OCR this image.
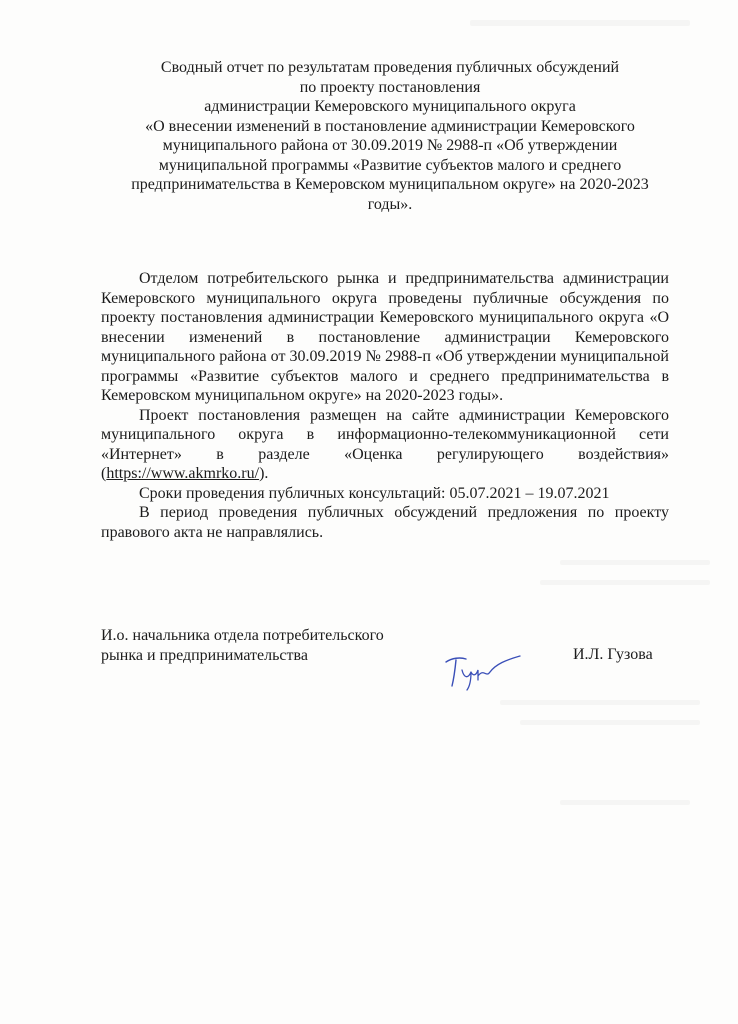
Сводный отчет по результатам проведения публичных обсуждений
по проекту постановления
администрации Кемеровского муниципального округа
«О внесении изменений в постановление администрации Кемеровского
муниципального района от 30.09.2019 № 2988-п «Об утверждении
муниципальной программы «Развитие субъектов малого и среднего
предпринимательства в Кемеровском муниципальном округе» на 2020-2023
годы».

Отделом потребительского рынка и предпринимательства администрации Кемеровского муниципального округа проведены публичные обсуждения по проекту постановления администрации Кемеровского муниципального округа «О внесении изменений в постановление администрации Кемеровского муниципального района от 30.09.2019 № 2988-п «Об утверждении муниципальной программы «Развитие субъектов малого и среднего предпринимательства в Кемеровском муниципальном округе» на 2020-2023 годы».

Проект постановления размещен на сайте администрации Кемеровского муниципального округа в информационно-телекоммуникационной сети «Интернет» в разделе «Оценка регулирующего воздействия» (https://www.akmrko.ru/).

Сроки проведения публичных консультаций: 05.07.2021 – 19.07.2021

В период проведения публичных обсуждений предложения по проекту правового акта не направлялись.

И.о. начальника отдела потребительского
рынка и предпринимательства	И.Л. Гузова
